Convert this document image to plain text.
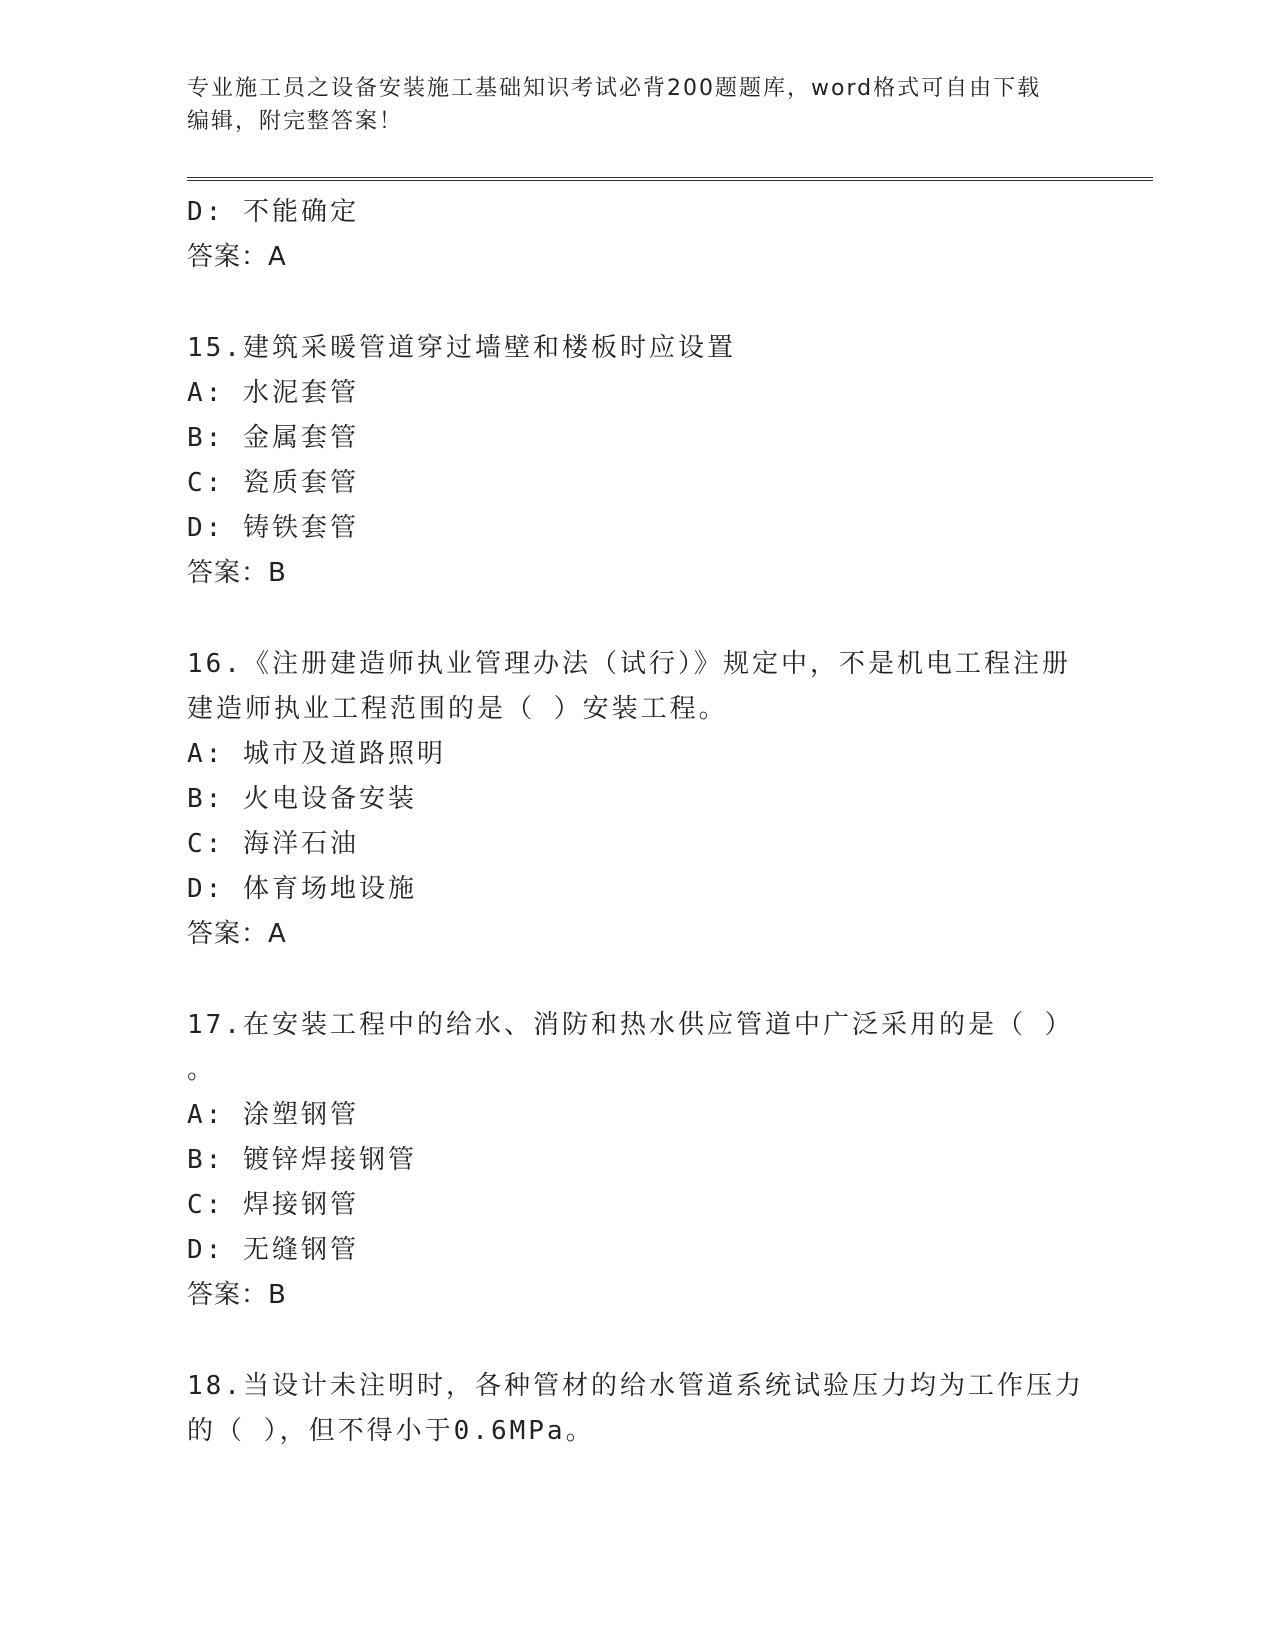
专业施工员之设备安装施工基础知识考试必背200题题库，word格式可自由下载
编辑，附完整答案！
D: 不能确定
答案：A
15.建筑采暖管道穿过墙壁和楼板时应设置
A: 水泥套管
B: 金属套管
C: 瓷质套管
D: 铸铁套管
答案：B
16.《注册建造师执业管理办法（试行）》规定中，不是机电工程注册
建造师执业工程范围的是（ ）安装工程。
A: 城市及道路照明
B: 火电设备安装
C: 海洋石油
D: 体育场地设施
答案：A
17.在安装工程中的给水、消防和热水供应管道中广泛采用的是（ ）
。
A: 涂塑钢管
B: 镀锌焊接钢管
C: 焊接钢管
D: 无缝钢管
答案：B
18.当设计未注明时，各种管材的给水管道系统试验压力均为工作压力
的（ ），但不得小于0.6MPa。
